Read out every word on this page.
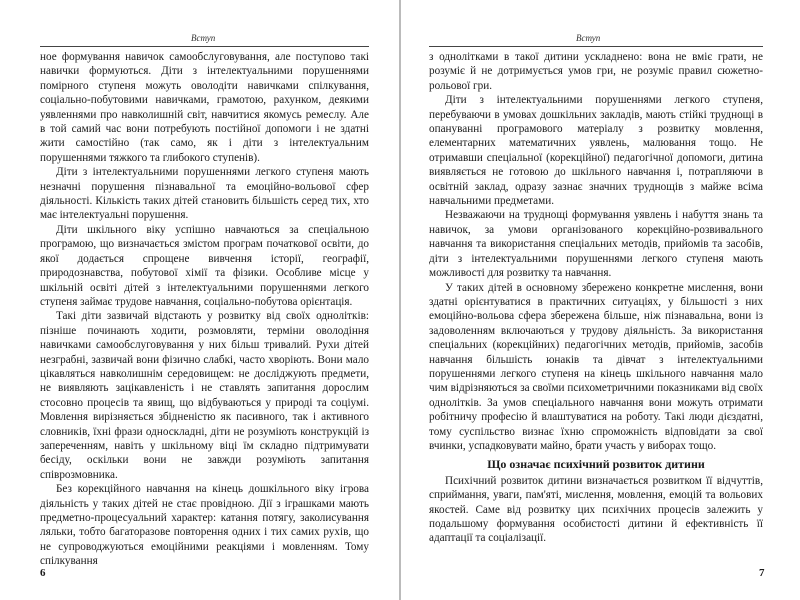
Вступ

ное формування навичок самообслуговування, але поступово такі навички формуються. Діти з інтелектуальними порушеннями помірного ступеня можуть оволодіти навичками спілкування, соціально-побутовими навичками, грамотою, рахунком, деякими уявленнями про навколишній світ, навчитися якомусь ремеслу. Але в той самий час вони потребують постійної допомоги і не здатні жити самостійно (так само, як і діти з інтелектуальним порушеннями тяжкого та глибокого ступенів).

Діти з інтелектуальними порушеннями легкого ступеня мають незначні порушення пізнавальної та емоційно-вольової сфер діяльності. Кількість таких дітей становить більшість серед тих, хто має інтелектуальні порушення.

Діти шкільного віку успішно навчаються за спеціальною програмою, що визначається змістом програм початкової освіти, до якої додається спрощене вивчення історії, географії, природознавства, побутової хімії та фізики. Особливе місце у шкільній освіті дітей з інтелектуальними порушеннями легкого ступеня займає трудове навчання, соціально-побутова орієнтація.

Такі діти зазвичай відстають у розвитку від своїх однолітків: пізніше починають ходити, розмовляти, терміни оволодіння навичками самообслуговування у них більш тривалий. Рухи дітей незграбні, зазвичай вони фізично слабкі, часто хворіють. Вони мало цікавляться навколишнім середовищем: не досліджують предмети, не виявляють зацікавленість і не ставлять запитання дорослим стосовно процесів та явищ, що відбуваються у природі та соціумі. Мовлення вирізняється збідненістю як пасивного, так і активного словників, їхні фрази односкладні, діти не розуміють конструкцій із запереченням, навіть у шкільному віці їм складно підтримувати бесіду, оскільки вони не завжди розуміють запитання співрозмовника.

Без корекційного навчання на кінець дошкільного віку ігрова діяльність у таких дітей не стає провідною. Дії з іграшками мають предметно-процесуальний характер: катання потягу, заколисування ляльки, тобто багаторазове повторення одних і тих самих рухів, що не супроводжуються емоційними реакціями і мовленням. Тому спілкування

6
Вступ

з однолітками в такої дитини ускладнено: вона не вміє грати, не розуміє й не дотримується умов гри, не розуміє правил сюжетно-рольової гри.

Діти з інтелектуальними порушеннями легкого ступеня, перебуваючи в умовах дошкільних закладів, мають стійкі труднощі в опануванні програмового матеріалу з розвитку мовлення, елементарних математичних уявлень, малювання тощо. Не отримавши спеціальної (корекційної) педагогічної допомоги, дитина виявляється не готовою до шкільного навчання і, потрапляючи в освітній заклад, одразу зазнає значних труднощів з майже всіма навчальними предметами.

Незважаючи на труднощі формування уявлень і набуття знань та навичок, за умови організованого корекційно-розвивального навчання та використання спеціальних методів, прийомів та засобів, діти з інтелектуальними порушеннями легкого ступеня мають можливості для розвитку та навчання.

У таких дітей в основному збережено конкретне мислення, вони здатні орієнтуватися в практичних ситуаціях, у більшості з них емоційно-вольова сфера збережена більше, ніж пізнавальна, вони із задоволенням включаються у трудову діяльність. За використання спеціальних (корекційних) педагогічних методів, прийомів, засобів навчання більшість юнаків та дівчат з інтелектуальними порушеннями легкого ступеня на кінець шкільного навчання мало чим відрізняються за своїми психометричними показниками від своїх однолітків. За умов спеціального навчання вони можуть отримати робітничу професію й влаштуватися на роботу. Такі люди дієздатні, тому суспільство визнає їхню спроможність відповідати за свої вчинки, успадковувати майно, брати участь у виборах тощо.

Що означає психічний розвиток дитини

Психічний розвиток дитини визначається розвитком її відчуттів, сприймання, уваги, пам'яті, мислення, мовлення, емоцій та вольових якостей. Саме від розвитку цих психічних процесів залежить у подальшому формування особистості дитини й ефективність її адаптації та соціалізації.

7
